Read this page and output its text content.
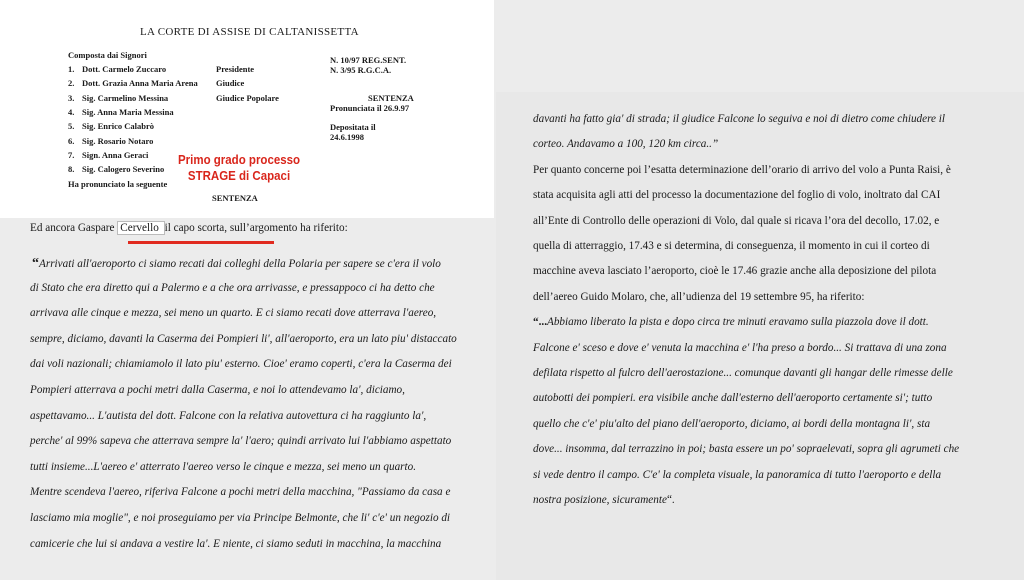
LA CORTE DI ASSISE DI CALTANISSETTA
Composta dai Signori
1. Dott. Carmelo Zuccaro	Presidente
2. Dott. Grazia Anna Maria Arena Giudice
3. Sig. Carmelino Messina	Giudice Popolare
4. Sig. Anna Maria Messina
5. Sig. Enrico Calabrò
6. Sig. Rosario Notaro
7. Sign. Anna Geraci
8. Sig. Calogero Severino
Ha pronunciato la seguente
N. 10/97 REG.SENT.
N. 3/95 R.G.C.A.
SENTENZA
Pronunciata il 26.9.97
Depositata il
24.6.1998
SENTENZA
Primo grado processo
STRAGE di Capaci
Ed ancora Gaspare Cervello il capo scorta, sull’argomento ha riferito:
“Arrivati all'aeroporto ci siamo recati dai colleghi della Polaria per sapere se c'era il volo
di Stato che era diretto qui a Palermo e a che ora arrivasse, e pressappoco ci ha detto che
arrivava alle cinque e mezza, sei meno un quarto. E ci siamo recati dove atterrava l'aereo,
sempre, diciamo, davanti la Caserma dei Pompieri li', all'aeroporto, era un lato piu' distaccato
dai voli nazionali; chiamiamolo il lato piu' esterno. Cioe' eramo coperti, c'era la Caserma dei
Pompieri atterrava a pochi metri dalla Caserma, e noi lo attendevamo la', diciamo,
aspettavamo... L'autista del dott. Falcone con la relativa autovettura ci ha raggiunto la',
perche' al 99% sapeva che atterrava sempre la' l'aero; quindi arrivato lui l'abbiamo aspettato
tutti insieme...L'aereo e' atterrato l'aereo verso le cinque e mezza, sei meno un quarto.
Mentre scendeva l'aereo, riferiva Falcone a pochi metri della macchina, "Passiamo da casa e
lasciamo mia moglie", e noi proseguiamo per via Principe Belmonte, che li' c'e' un negozio di
camicerie che lui si andava a vestire la'. E niente, ci siamo seduti in macchina, la macchina
davanti ha fatto gia' di strada; il giudice Falcone lo seguiva e noi di dietro come chiudere il
corteo. Andavamo a 100, 120 km circa..”
Per quanto concerne poi l’esatta determinazione dell’orario di arrivo del volo a Punta Raisi, è
stata acquisita agli atti del processo la documentazione del foglio di volo, inoltrato dal CAI
all’Ente di Controllo delle operazioni di Volo, dal quale si ricava l’ora del decollo, 17.02, e
quella di atterraggio, 17.43 e si determina, di conseguenza, il momento in cui il corteo di
macchine aveva lasciato l’aeroporto, cioè le 17.46 grazie anche alla deposizione del pilota
dell’aereo Guido Molaro, che, all’udienza del 19 settembre 95, ha riferito:
“...Abbiamo liberato la pista e dopo circa tre minuti eravamo sulla piazzola dove il dott.
Falcone e' sceso e dove e' venuta la macchina e' l'ha preso a bordo... Si trattava di una zona
defilata rispetto al fulcro dell'aerostazione... comunque davanti gli hangar delle rimesse delle
autobotti dei pompieri. era visibile anche dall'esterno dell'aeroporto certamente si'; tutto
quello che c'e' piu'alto del piano dell'aeroporto, diciamo, ai bordi della montagna li', sta
dove... insomma, dal terrazzino in poi; basta essere un po' sopraelevati, sopra gli agrumeti che
si vede dentro il campo. C'e' la completa visuale, la panoramica di tutto l'aeroporto e della
nostra posizione, sicuramente“.
